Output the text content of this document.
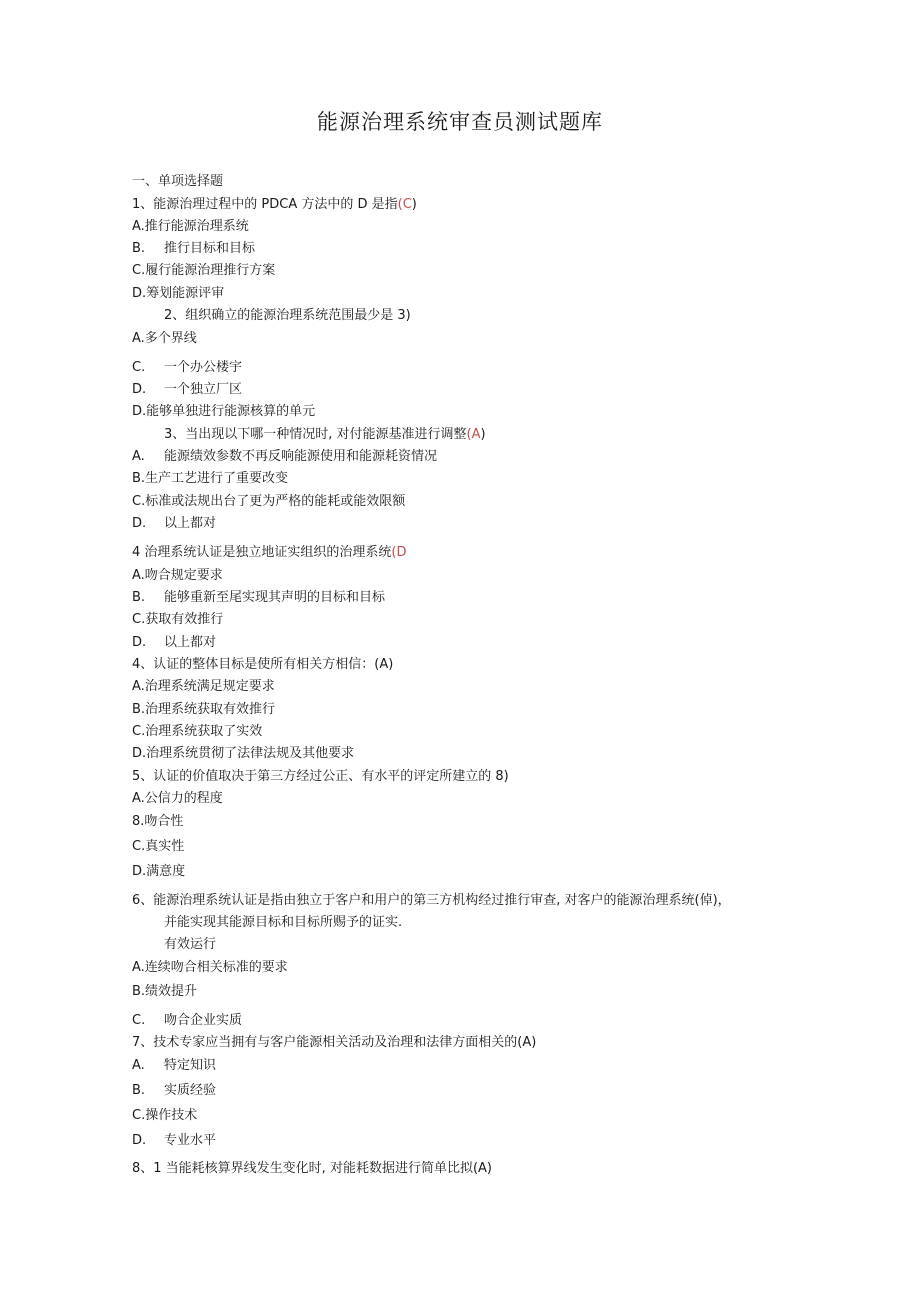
能源治理系统审查员测试题库
一、单项选择题
1、能源治理过程中的 PDCA 方法中的 D 是指(C)
A.推行能源治理系统
B. 推行目标和目标
C.履行能源治理推行方案
D.筹划能源评审
2、组织确立的能源治理系统范围最少是 3)
A.多个界线
C. 一个办公楼宇
D. 一个独立厂区
D.能够单独进行能源核算的单元
3、当出现以下哪一种情况时, 对付能源基准进行调整(A)
A. 能源绩效参数不再反响能源使用和能源耗资情况
B.生产工艺进行了重要改变
C.标准或法规出台了更为严格的能耗或能效限额
D. 以上都对
4 治理系统认证是独立地证实组织的治理系统(D
A.吻合规定要求
B. 能够重新至尾实现其声明的目标和目标
C.获取有效推行
D. 以上都对
4、认证的整体目标是使所有相关方相信：(A)
A.治理系统满足规定要求
B.治理系统获取有效推行
C.治理系统获取了实效
D.治理系统贯彻了法律法规及其他要求
5、认证的价值取决于第三方经过公正、有水平的评定所建立的 8)
A.公信力的程度
8.吻合性
C.真实性
D.满意度
6、能源治理系统认证是指由独立于客户和用户的第三方机构经过推行审查, 对客户的能源治理系统(倬)，
并能实现其能源目标和目标所赐予的证实.
有效运行
A.连续吻合相关标准的要求
B.绩效提升
C. 吻合企业实质
7、技术专家应当拥有与客户能源相关活动及治理和法律方面相关的(A)
A. 特定知识
B. 实质经验
C.操作技术
D. 专业水平
8、1 当能耗核算界线发生变化时, 对能耗数据进行简单比拟(A)
